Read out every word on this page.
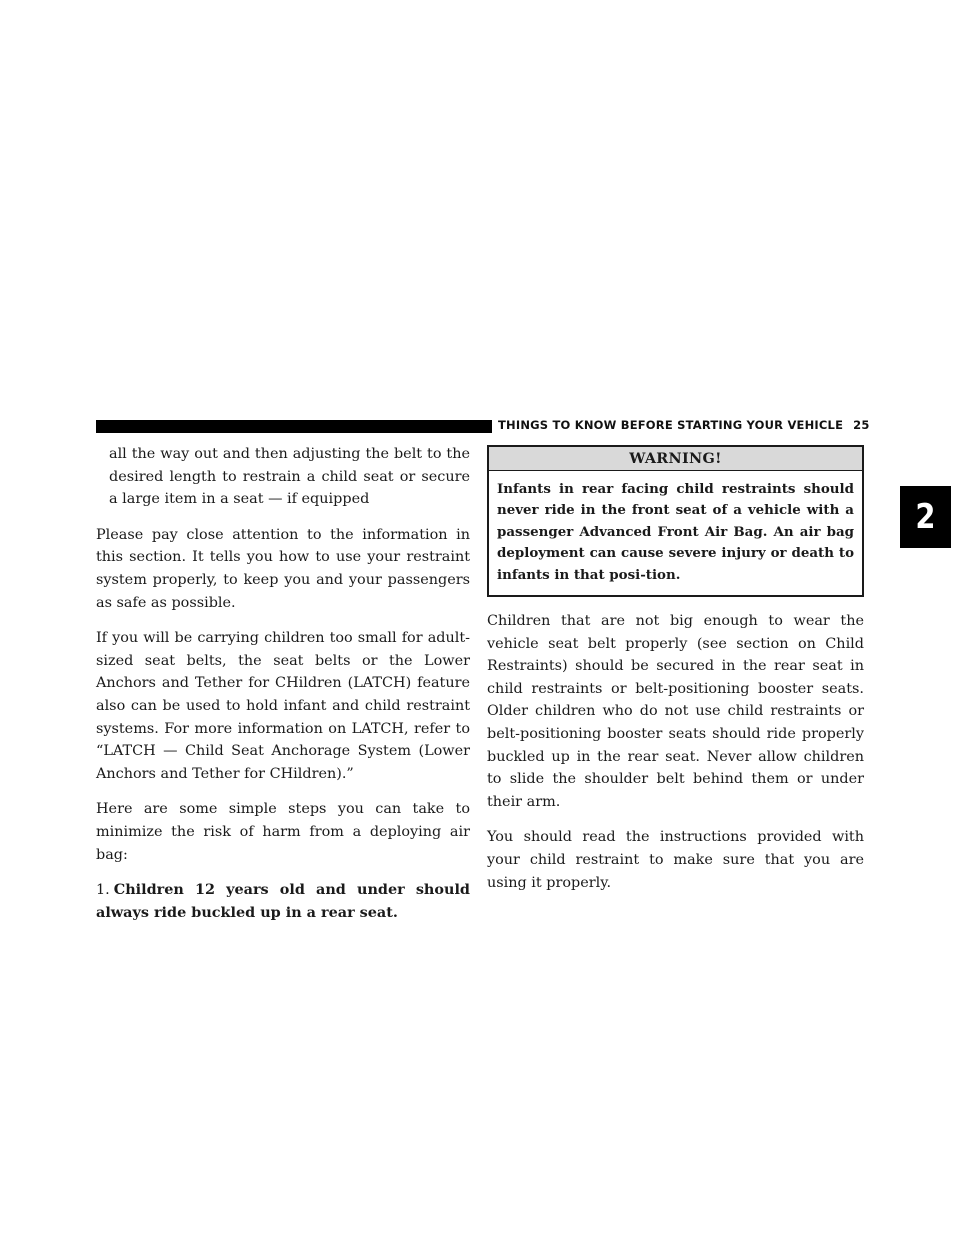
THINGS TO KNOW BEFORE STARTING YOUR VEHICLE 25
2

all the way out and then adjusting the belt to the desired length to restrain a child seat or secure a large item in a seat — if equipped

Please pay close attention to the information in this section. It tells you how to use your restraint system properly, to keep you and your passengers as safe as possible.

If you will be carrying children too small for adult-sized seat belts, the seat belts or the Lower Anchors and Tether for CHildren (LATCH) feature also can be used to hold infant and child restraint systems. For more information on LATCH, refer to “LATCH — Child Seat Anchorage System (Lower Anchors and Tether for CHildren).”

Here are some simple steps you can take to minimize the risk of harm from a deploying air bag:

1. Children 12 years old and under should always ride buckled up in a rear seat.

WARNING!
Infants in rear facing child restraints should never ride in the front seat of a vehicle with a passenger Advanced Front Air Bag. An air bag deployment can cause severe injury or death to infants in that posi-tion.

Children that are not big enough to wear the vehicle seat belt properly (see section on Child Restraints) should be secured in the rear seat in child restraints or belt-positioning booster seats. Older children who do not use child restraints or belt-positioning booster seats should ride properly buckled up in the rear seat. Never allow children to slide the shoulder belt behind them or under their arm.

You should read the instructions provided with your child restraint to make sure that you are using it properly.
